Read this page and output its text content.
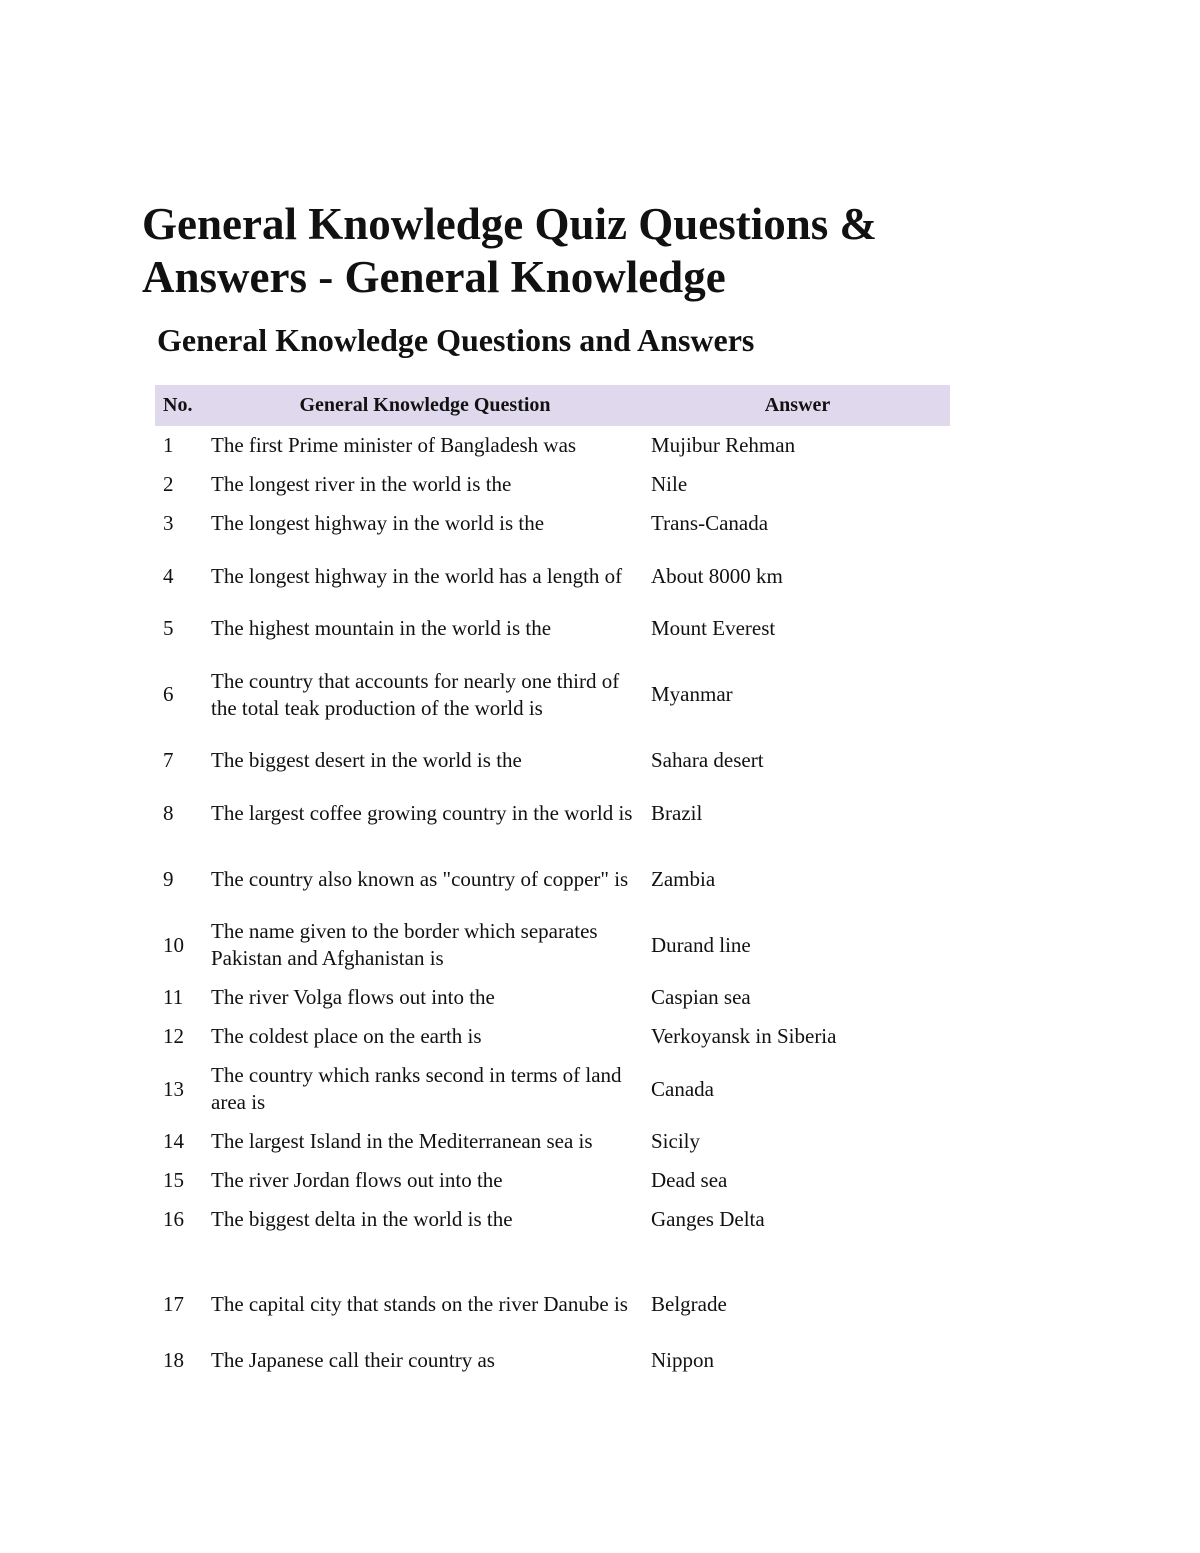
General Knowledge Quiz Questions &
Answers - General Knowledge
General Knowledge Questions and Answers
No.	General Knowledge Question	Answer
1	The first Prime minister of Bangladesh was	Mujibur Rehman
2	The longest river in the world is the	Nile
3	The longest highway in the world is the	Trans-Canada
4	The longest highway in the world has a length of	About 8000 km
5	The highest mountain in the world is the	Mount Everest
6	The country that accounts for nearly one third of the total teak production of the world is	Myanmar
7	The biggest desert in the world is the	Sahara desert
8	The largest coffee growing country in the world is	Brazil
9	The country also known as "country of copper" is	Zambia
10	The name given to the border which separates Pakistan and Afghanistan is	Durand line
11	The river Volga flows out into the	Caspian sea
12	The coldest place on the earth is	Verkoyansk in Siberia
13	The country which ranks second in terms of land area is	Canada
14	The largest Island in the Mediterranean sea is	Sicily
15	The river Jordan flows out into the	Dead sea
16	The biggest delta in the world is the	Ganges Delta
17	The capital city that stands on the river Danube is	Belgrade
18	The Japanese call their country as	Nippon
